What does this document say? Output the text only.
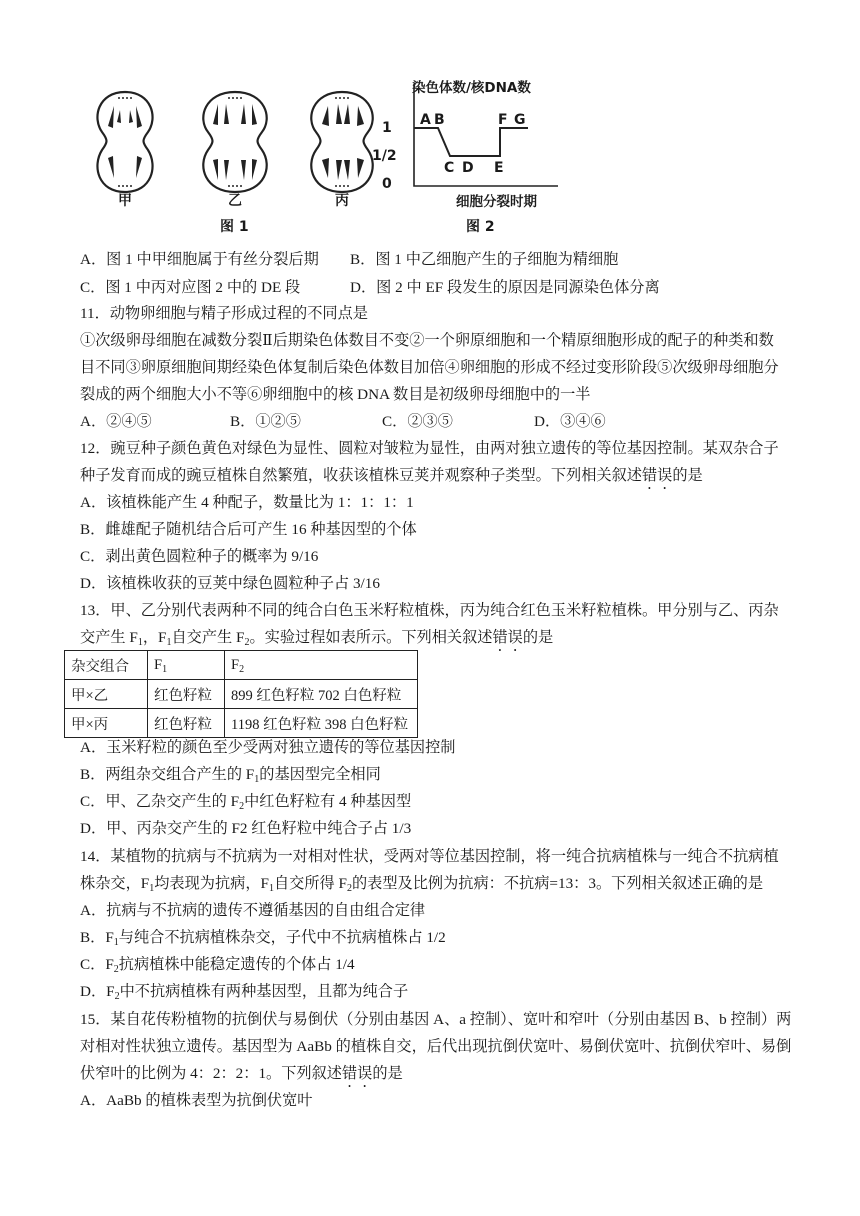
甲	乙	丙
图 1
染色体数/核DNA数
1
1/2
0
A B
C D E
F G
细胞分裂时期
图 2
A．图 1 中甲细胞属于有丝分裂后期 B．图 1 中乙细胞产生的子细胞为精细胞
C．图 1 中丙对应图 2 中的 DE 段	D．图 2 中 EF 段发生的原因是同源染色体分离
11．动物卵细胞与精子形成过程的不同点是
①次级卵母细胞在减数分裂Ⅱ后期染色体数目不变②一个卵原细胞和一个精原细胞形成的配子的种类和数
目不同③卵原细胞间期经染色体复制后染色体数目加倍④卵细胞的形成不经过变形阶段⑤次级卵母细胞分
裂成的两个细胞大小不等⑥卵细胞中的核 DNA 数目是初级卵母细胞中的一半
A．②④⑤	B．①②⑤	C．②③⑤	D．③④⑥
12．豌豆种子颜色黄色对绿色为显性、圆粒对皱粒为显性，由两对独立遗传的等位基因控制。某双杂合子
种子发育而成的豌豆植株自然繁殖，收获该植株豆荚并观察种子类型。下列相关叙述错误的是
A．该植株能产生 4 种配子，数量比为 1：1：1：1
B．雌雄配子随机结合后可产生 16 种基因型的个体
C．剥出黄色圆粒种子的概率为 9/16
D．该植株收获的豆荚中绿色圆粒种子占 3/16
13．甲、乙分别代表两种不同的纯合白色玉米籽粒植株，丙为纯合红色玉米籽粒植株。甲分别与乙、丙杂
交产生 $F_1$，$F_1$自交产生 $F_2$。实验过程如表所示。下列相关叙述错误的是
杂交组合	$F_1$	$F_2$
甲×乙	红色籽粒	899 红色籽粒 702 白色籽粒
甲×丙	红色籽粒	1198 红色籽粒 398 白色籽粒
A．玉米籽粒的颜色至少受两对独立遗传的等位基因控制
B．两组杂交组合产生的 $F_1$的基因型完全相同
C．甲、乙杂交产生的 $F_2$中红色籽粒有 4 种基因型
D．甲、丙杂交产生的 F2 红色籽粒中纯合子占 1/3
14．某植物的抗病与不抗病为一对相对性状，受两对等位基因控制，将一纯合抗病植株与一纯合不抗病植
株杂交，$F_1$均表现为抗病，$F_1$自交所得 $F_2$的表型及比例为抗病：不抗病=13：3。下列相关叙述正确的是
A．抗病与不抗病的遗传不遵循基因的自由组合定律
B．$F_1$与纯合不抗病植株杂交，子代中不抗病植株占 1/2
C．$F_2$抗病植株中能稳定遗传的个体占 1/4
D．$F_2$中不抗病植株有两种基因型，且都为纯合子
15．某自花传粉植物的抗倒伏与易倒伏（分别由基因 A、a 控制）、宽叶和窄叶（分别由基因 B、b 控制）两
对相对性状独立遗传。基因型为 AaBb 的植株自交，后代出现抗倒伏宽叶、易倒伏宽叶、抗倒伏窄叶、易倒
伏窄叶的比例为 4：2：2：1。下列叙述错误的是
A．AaBb 的植株表型为抗倒伏宽叶
